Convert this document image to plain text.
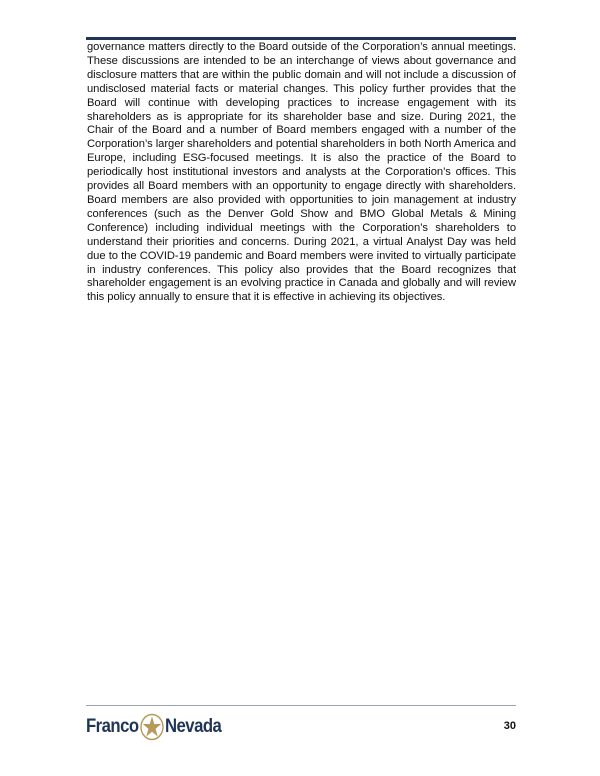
governance matters directly to the Board outside of the Corporation’s annual meetings. These discussions are intended to be an interchange of views about governance and disclosure matters that are within the public domain and will not include a discussion of undisclosed material facts or material changes. This policy further provides that the Board will continue with developing practices to increase engagement with its shareholders as is appropriate for its shareholder base and size. During 2021, the Chair of the Board and a number of Board members engaged with a number of the Corporation’s larger shareholders and potential shareholders in both North America and Europe, including ESG-focused meetings. It is also the practice of the Board to periodically host institutional investors and analysts at the Corporation’s offices. This provides all Board members with an opportunity to engage directly with shareholders. Board members are also provided with opportunities to join management at industry conferences (such as the Denver Gold Show and BMO Global Metals & Mining Conference) including individual meetings with the Corporation’s shareholders to understand their priorities and concerns. During 2021, a virtual Analyst Day was held due to the COVID-19 pandemic and Board members were invited to virtually participate in industry conferences. This policy also provides that the Board recognizes that shareholder engagement is an evolving practice in Canada and globally and will review this policy annually to ensure that it is effective in achieving its objectives.

Franco Nevada	30
